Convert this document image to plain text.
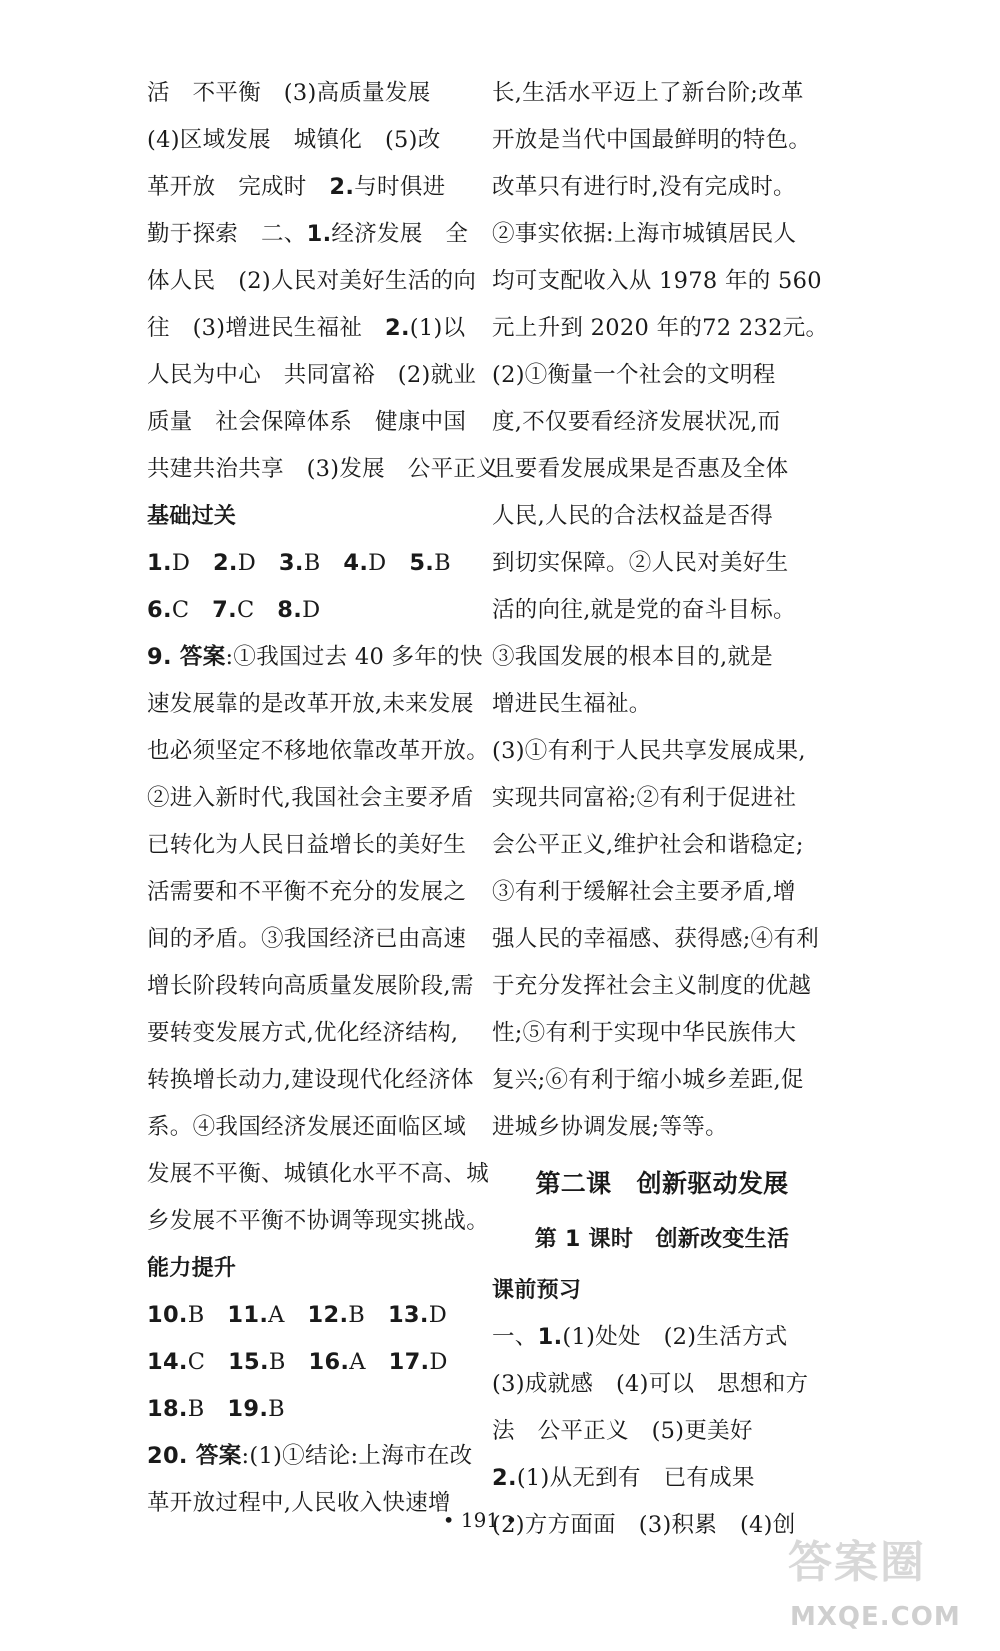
活　不平衡　(3)高质量发展
(4)区域发展　城镇化　(5)改
革开放　完成时　2.与时俱进
勤于探索　二、1.经济发展　全
体人民　(2)人民对美好生活的向
往　(3)增进民生福祉　2.(1)以
人民为中心　共同富裕　(2)就业
质量　社会保障体系　健康中国
共建共治共享　(3)发展　公平正义
基础过关
1.D　2.D　3.B　4.D　5.B
6.C　7.C　8.D
9. 答案:①我国过去 40 多年的快
速发展靠的是改革开放,未来发展
也必须坚定不移地依靠改革开放。
②进入新时代,我国社会主要矛盾
已转化为人民日益增长的美好生
活需要和不平衡不充分的发展之
间的矛盾。③我国经济已由高速
增长阶段转向高质量发展阶段,需
要转变发展方式,优化经济结构,
转换增长动力,建设现代化经济体
系。④我国经济发展还面临区域
发展不平衡、城镇化水平不高、城
乡发展不平衡不协调等现实挑战。
能力提升
10.B　11.A　12.B　13.D
14.C　15.B　16.A　17.D
18.B　19.B
20. 答案:(1)①结论:上海市在改
革开放过程中,人民收入快速增
长,生活水平迈上了新台阶;改革
开放是当代中国最鲜明的特色。
改革只有进行时,没有完成时。
②事实依据:上海市城镇居民人
均可支配收入从 1978 年的 560
元上升到 2020 年的72 232元。
(2)①衡量一个社会的文明程
度,不仅要看经济发展状况,而
且要看发展成果是否惠及全体
人民,人民的合法权益是否得
到切实保障。②人民对美好生
活的向往,就是党的奋斗目标。
③我国发展的根本目的,就是
增进民生福祉。
(3)①有利于人民共享发展成果,
实现共同富裕;②有利于促进社
会公平正义,维护社会和谐稳定;
③有利于缓解社会主要矛盾,增
强人民的幸福感、获得感;④有利
于充分发挥社会主义制度的优越
性;⑤有利于实现中华民族伟大
复兴;⑥有利于缩小城乡差距,促
进城乡协调发展;等等。
第二课　创新驱动发展
第 1 课时　创新改变生活
课前预习
一、1.(1)处处　(2)生活方式
(3)成就感　(4)可以　思想和方
法　公平正义　(5)更美好
2.(1)从无到有　已有成果
(2)方方面面　(3)积累　(4)创
• 191 •
答案圈
MXQE.COM
